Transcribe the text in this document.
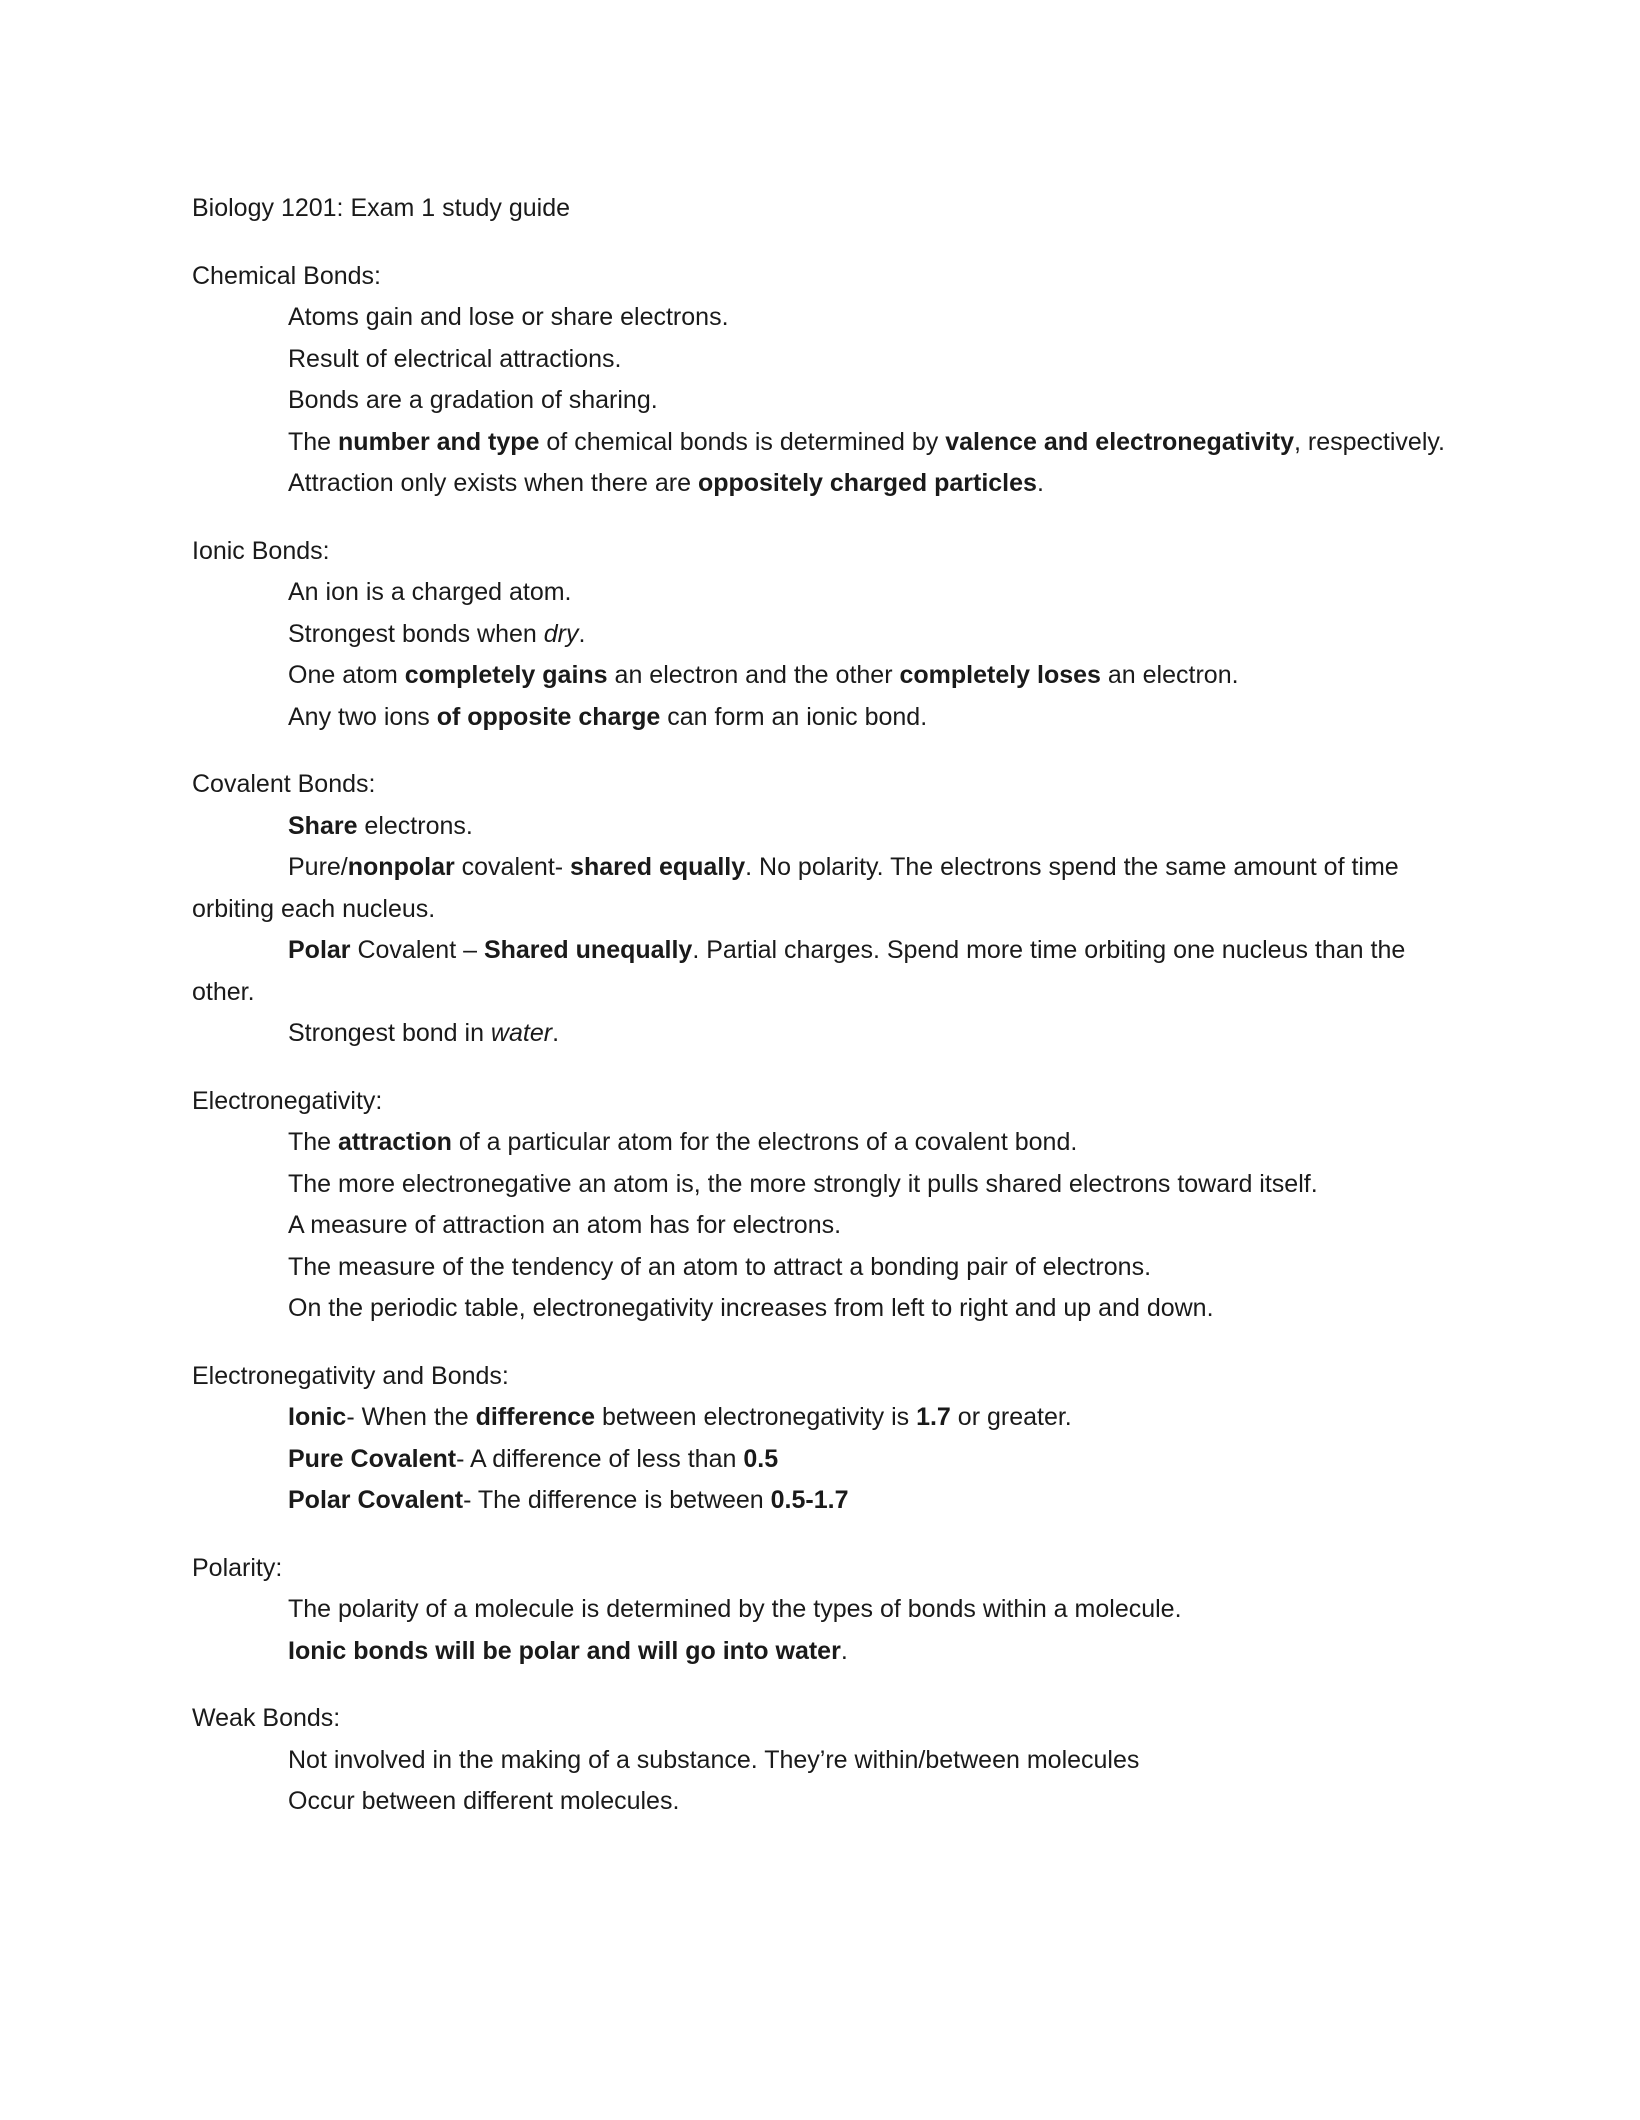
Biology 1201: Exam 1 study guide
Chemical Bonds:

Atoms gain and lose or share electrons.

Result of electrical attractions.

Bonds are a gradation of sharing.

The number and type of chemical bonds is determined by valence and electronegativity, respectively.

Attraction only exists when there are oppositely charged particles.

Ionic Bonds:

An ion is a charged atom.

Strongest bonds when dry.

One atom completely gains an electron and the other completely loses an electron.

Any two ions of opposite charge can form an ionic bond.

Covalent Bonds:

Share electrons.

Pure/nonpolar covalent- shared equally. No polarity. The electrons spend the same amount of time orbiting each nucleus.

Polar Covalent – Shared unequally. Partial charges. Spend more time orbiting one nucleus than the other.

Strongest bond in water.

Electronegativity:

The attraction of a particular atom for the electrons of a covalent bond.

The more electronegative an atom is, the more strongly it pulls shared electrons toward itself.

A measure of attraction an atom has for electrons.

The measure of the tendency of an atom to attract a bonding pair of electrons.

On the periodic table, electronegativity increases from left to right and up and down.

Electronegativity and Bonds:

Ionic- When the difference between electronegativity is 1.7 or greater.

Pure Covalent- A difference of less than 0.5

Polar Covalent- The difference is between 0.5-1.7

Polarity:

The polarity of a molecule is determined by the types of bonds within a molecule.

Ionic bonds will be polar and will go into water.

Weak Bonds:

Not involved in the making of a substance. They’re within/between molecules

Occur between different molecules.
